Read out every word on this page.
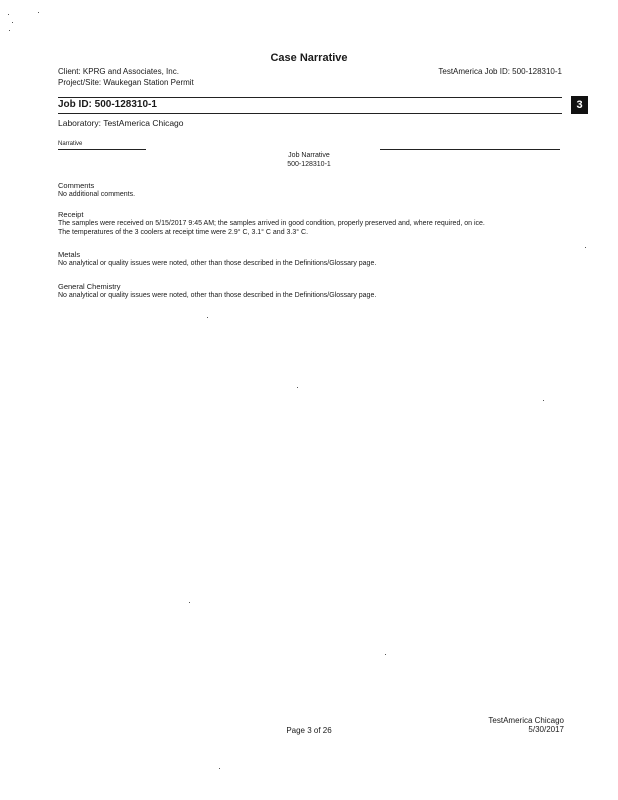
Case Narrative
Client: KPRG and Associates, Inc.
Project/Site: Waukegan Station Permit
TestAmerica Job ID: 500-128310-1
Job ID: 500-128310-1	3
Laboratory: TestAmerica Chicago
Narrative
Job Narrative
500-128310-1
Comments
No additional comments.
Receipt
The samples were received on 5/15/2017 9:45 AM; the samples arrived in good condition, properly preserved and, where required, on ice.
The temperatures of the 3 coolers at receipt time were 2.9° C, 3.1° C and 3.3° C.
Metals
No analytical or quality issues were noted, other than those described in the Definitions/Glossary page.
General Chemistry
No analytical or quality issues were noted, other than those described in the Definitions/Glossary page.
Page 3 of 26
TestAmerica Chicago
5/30/2017
